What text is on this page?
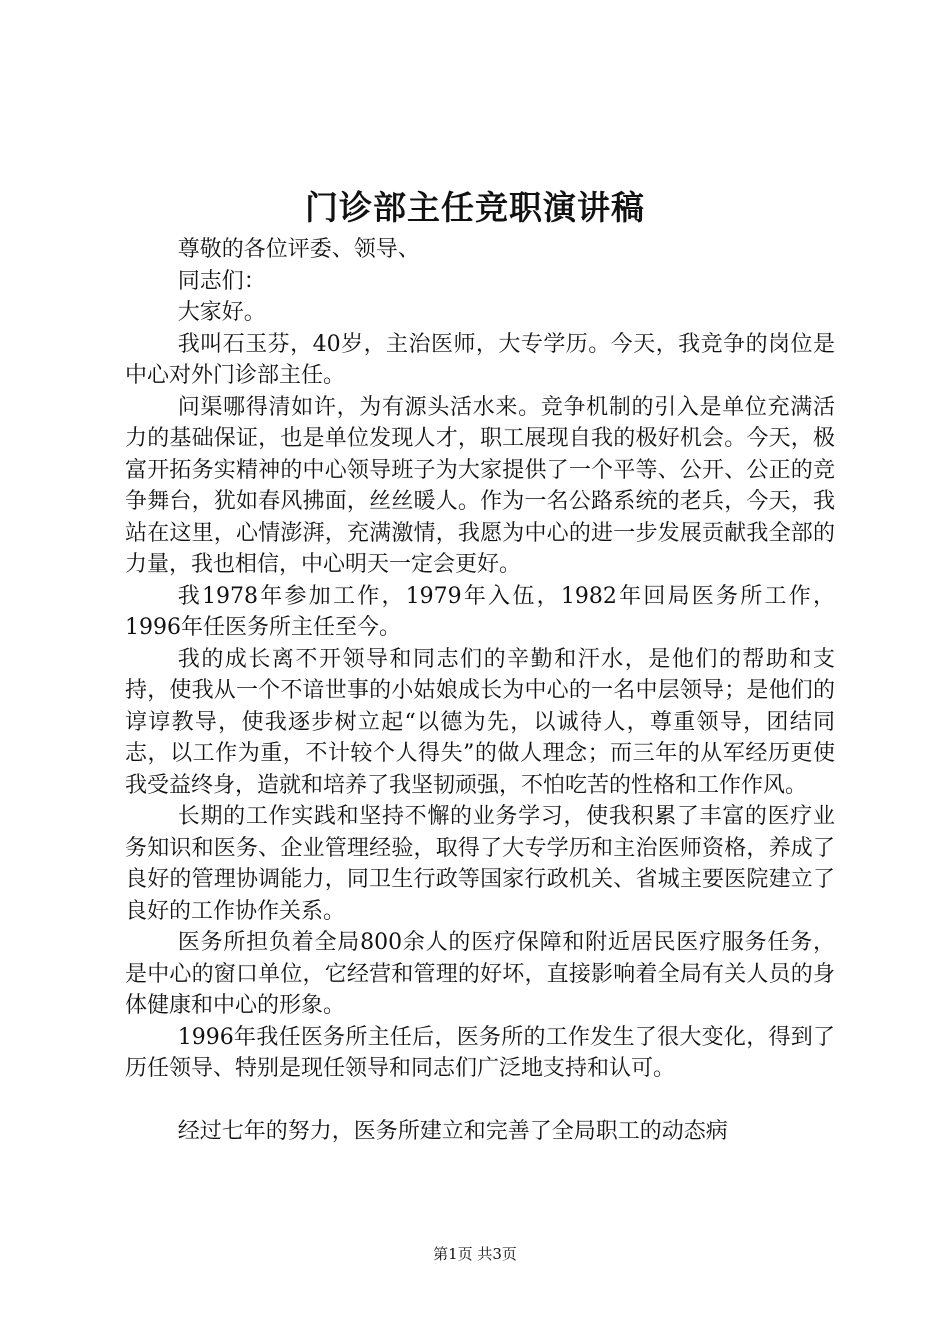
门诊部主任竞职演讲稿

尊敬的各位评委、领导、

同志们：

大家好。

我叫石玉芬，40岁，主治医师，大专学历。今天，我竞争的岗位是中心对外门诊部主任。

问渠哪得清如许，为有源头活水来。竞争机制的引入是单位充满活力的基础保证，也是单位发现人才，职工展现自我的极好机会。今天，极富开拓务实精神的中心领导班子为大家提供了一个平等、公开、公正的竞争舞台，犹如春风拂面，丝丝暖人。作为一名公路系统的老兵，今天，我站在这里，心情澎湃，充满激情，我愿为中心的进一步发展贡献我全部的力量，我也相信，中心明天一定会更好。

我1978年参加工作，1979年入伍，1982年回局医务所工作，1996年任医务所主任至今。

我的成长离不开领导和同志们的辛勤和汗水，是他们的帮助和支持，使我从一个不谙世事的小姑娘成长为中心的一名中层领导；是他们的谆谆教导，使我逐步树立起“以德为先，以诚待人，尊重领导，团结同志，以工作为重，不计较个人得失”的做人理念；而三年的从军经历更使我受益终身，造就和培养了我坚韧顽强，不怕吃苦的性格和工作作风。

长期的工作实践和坚持不懈的业务学习，使我积累了丰富的医疗业务知识和医务、企业管理经验，取得了大专学历和主治医师资格，养成了良好的管理协调能力，同卫生行政等国家行政机关、省城主要医院建立了良好的工作协作关系。

医务所担负着全局800余人的医疗保障和附近居民医疗服务任务，是中心的窗口单位，它经营和管理的好坏，直接影响着全局有关人员的身体健康和中心的形象。

1996年我任医务所主任后，医务所的工作发生了很大变化，得到了历任领导、特别是现任领导和同志们广泛地支持和认可。

经过七年的努力，医务所建立和完善了全局职工的动态病

第1页 共3页
